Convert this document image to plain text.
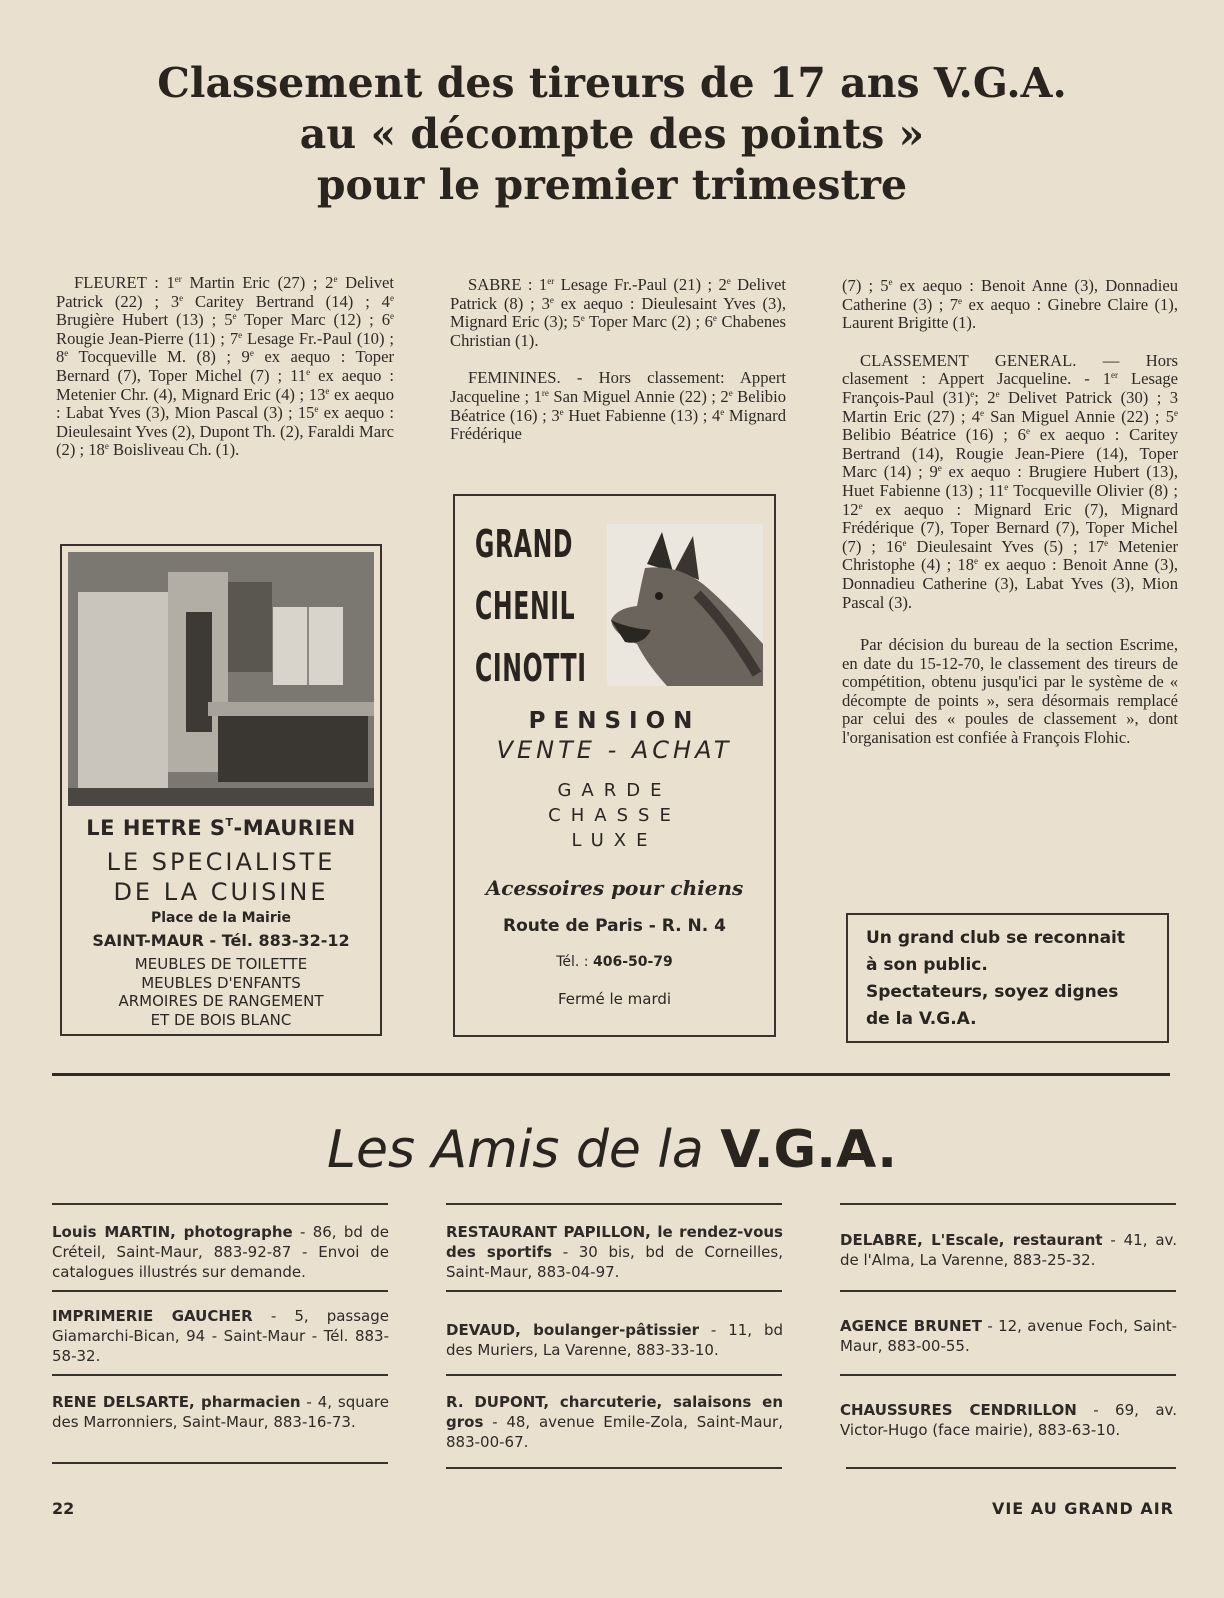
Classement des tireurs de 17 ans V.G.A.
au « décompte des points »
pour le premier trimestre

FLEURET : 1er Martin Eric (27) ; 2e Delivet Patrick (22) ; 3e Caritey Bertrand (14) ; 4e Brugière Hubert (13) ; 5e Toper Marc (12) ; 6e Rougie Jean-Pierre (11) ; 7e Lesage Fr.-Paul (10) ; 8e Tocqueville M. (8) ; 9e ex aequo : Toper Bernard (7), Toper Michel (7) ; 11e ex aequo : Metenier Chr. (4), Mignard Eric (4) ; 13e ex aequo : Labat Yves (3), Mion Pascal (3) ; 15e ex aequo : Dieulesaint Yves (2), Dupont Th. (2), Faraldi Marc (2) ; 18e Boisliveau Ch. (1).

SABRE : 1er Lesage Fr.-Paul (21) ; 2e Delivet Patrick (8) ; 3e ex aequo : Dieulesaint Yves (3), Mignard Eric (3); 5e Toper Marc (2) ; 6e Chabenes Christian (1).

FEMININES. - Hors classement: Appert Jacqueline ; 1re San Miguel Annie (22) ; 2e Belibio Béatrice (16) ; 3e Huet Fabienne (13) ; 4e Mignard Frédérique

(7) ; 5e ex aequo : Benoit Anne (3), Donnadieu Catherine (3) ; 7e ex aequo : Ginebre Claire (1), Laurent Brigitte (1).

CLASSEMENT GENERAL. — Hors clasement : Appert Jacqueline. - 1er Lesage François-Paul $(31)^e$; 2e Delivet Patrick (30) ; 3 Martin Eric (27) ; 4e San Miguel Annie (22) ; 5e Belibio Béatrice (16) ; 6e ex aequo : Caritey Bertrand (14), Rougie Jean-Piere (14), Toper Marc (14) ; 9e ex aequo : Brugiere Hubert (13), Huet Fabienne (13) ; 11e Tocqueville Olivier (8) ; 12e ex aequo : Mignard Eric (7), Mignard Frédérique (7), Toper Bernard (7), Toper Michel (7) ; 16e Dieulesaint Yves (5) ; 17e Metenier Christophe (4) ; 18e ex aequo : Benoit Anne (3), Donnadieu Catherine (3), Labat Yves (3), Mion Pascal (3).

Par décision du bureau de la section Escrime, en date du 15-12-70, le classement des tireurs de compétition, obtenu jusqu'ici par le système de « décompte de points », sera désormais remplacé par celui des « poules de classement », dont l'organisation est confiée à François Flohic.

LE HETRE $S^T$-MAURIEN
LE SPECIALISTE
DE LA CUISINE
Place de la Mairie
SAINT-MAUR - Tél. 883-32-12
MEUBLES DE TOILETTE
MEUBLES D'ENFANTS
ARMOIRES DE RANGEMENT
ET DE BOIS BLANC
GRAND
CHENIL
CINOTTI
PENSION
VENTE - ACHAT
GARDE
CHASSE
LUXE
Acessoires pour chiens
Route de Paris - R. N. 4
Tél. : 406-50-79
Fermé le mardi
Un grand club se reconnait
à son public.
Spectateurs, soyez dignes
de la V.G.A.
Les Amis de la V.G.A.
Louis MARTIN, photographe - 86, bd de Créteil, Saint-Maur, 883-92-87 - Envoi de catalogues illustrés sur demande.
RESTAURANT PAPILLON, le rendez-vous des sportifs - 30 bis, bd de Corneilles, Saint-Maur, 883-04-97.
DELABRE, L'Escale, restaurant - 41, av. de l'Alma, La Varenne, 883-25-32.
IMPRIMERIE GAUCHER - 5, passage Giamarchi-Bican, 94 - Saint-Maur - Tél. 883-58-32.
DEVAUD, boulanger-pâtissier - 11, bd des Muriers, La Varenne, 883-33-10.
AGENCE BRUNET - 12, avenue Foch, Saint-Maur, 883-00-55.
RENE DELSARTE, pharmacien - 4, square des Marronniers, Saint-Maur, 883-16-73.
R. DUPONT, charcuterie, salaisons en gros - 48, avenue Emile-Zola, Saint-Maur, 883-00-67.
CHAUSSURES CENDRILLON - 69, av. Victor-Hugo (face mairie), 883-63-10.
22	VIE AU GRAND AIR
